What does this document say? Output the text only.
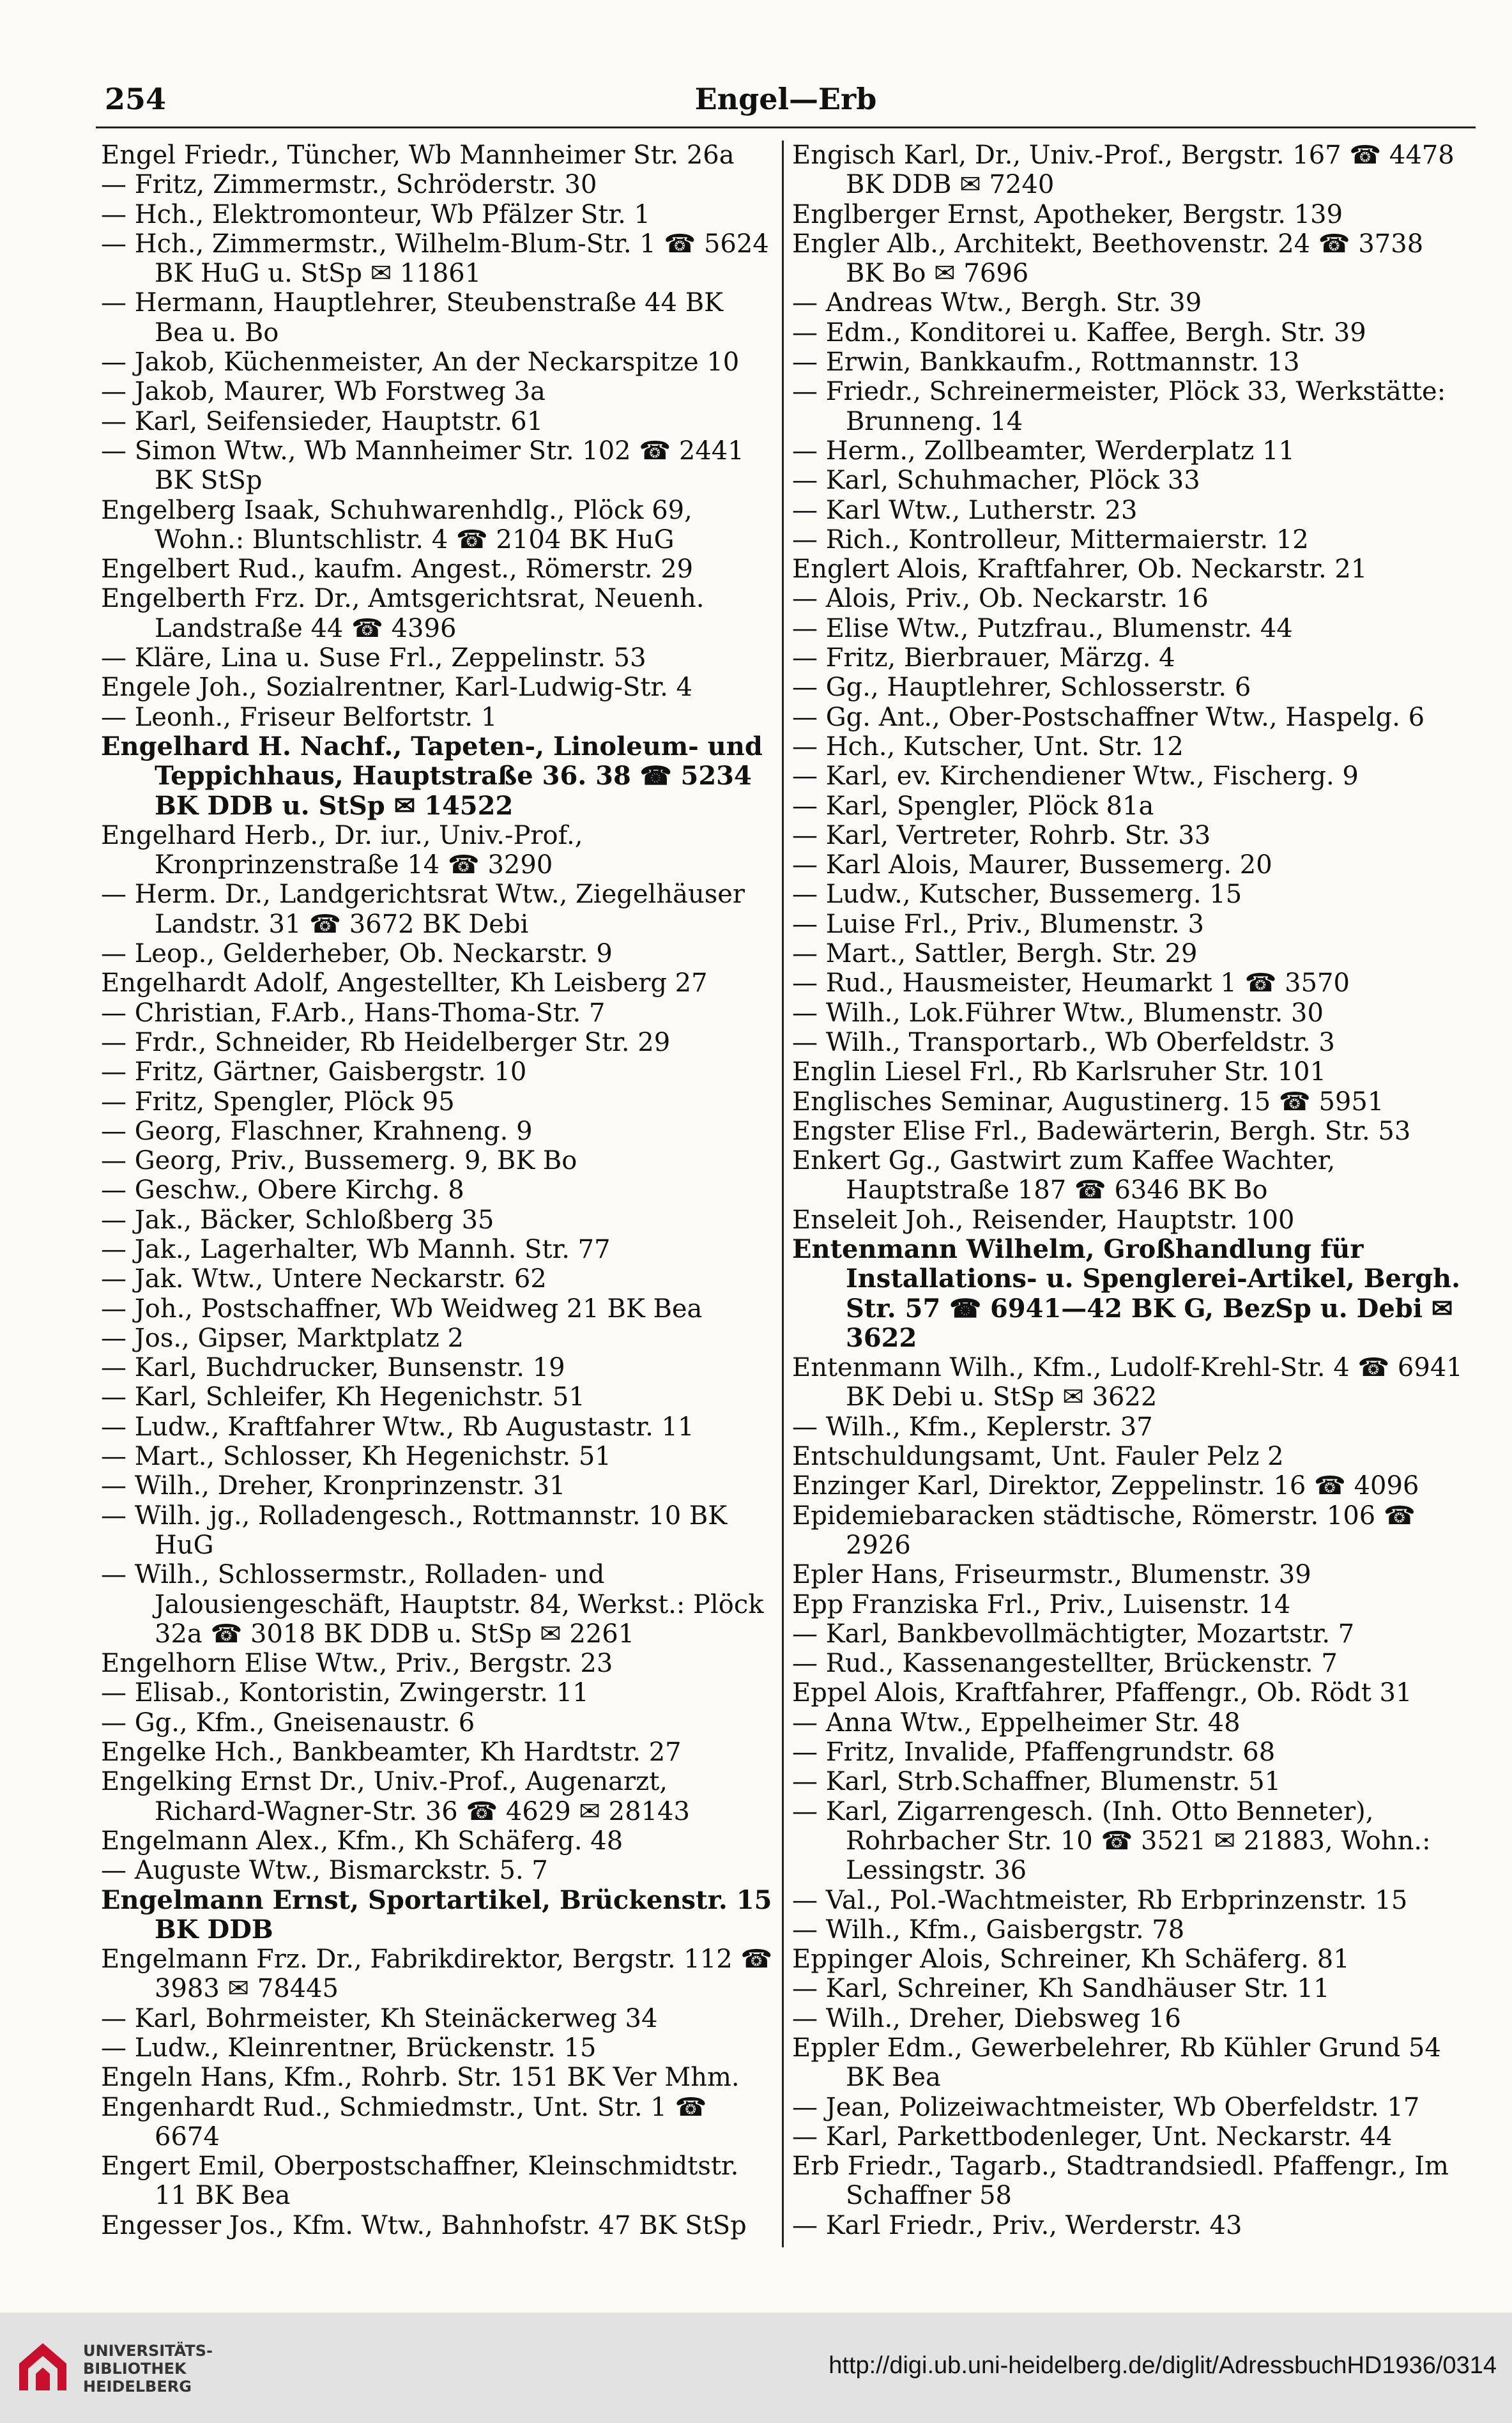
254	Engel—Erb

Engel Friedr., Tüncher, Wb Mannheimer Str. 26a

— Fritz, Zimmermstr., Schröderstr. 30

— Hch., Elektromonteur, Wb Pfälzer Str. 1

— Hch., Zimmermstr., Wilhelm-Blum-Str. 1 ☎ 5624 BK HuG u. StSp ✉ 11861

— Hermann, Hauptlehrer, Steubenstraße 44 BK Bea u. Bo

— Jakob, Küchenmeister, An der Neckarspitze 10

— Jakob, Maurer, Wb Forstweg 3a

— Karl, Seifensieder, Hauptstr. 61

— Simon Wtw., Wb Mannheimer Str. 102 ☎ 2441 BK StSp

Engelberg Isaak, Schuhwarenhdlg., Plöck 69, Wohn.: Bluntschlistr. 4 ☎ 2104 BK HuG

Engelbert Rud., kaufm. Angest., Römerstr. 29

Engelberth Frz. Dr., Amtsgerichtsrat, Neuenh. Landstraße 44 ☎ 4396

— Kläre, Lina u. Suse Frl., Zeppelinstr. 53

Engele Joh., Sozialrentner, Karl-Ludwig-Str. 4

— Leonh., Friseur Belfortstr. 1

Engelhard H. Nachf., Tapeten-, Linoleum- und Teppichhaus, Hauptstraße 36. 38 ☎ 5234 BK DDB u. StSp ✉ 14522

Engelhard Herb., Dr. iur., Univ.-Prof., Kronprinzenstraße 14 ☎ 3290

— Herm. Dr., Landgerichtsrat Wtw., Ziegelhäuser Landstr. 31 ☎ 3672 BK Debi

— Leop., Gelderheber, Ob. Neckarstr. 9

Engelhardt Adolf, Angestellter, Kh Leisberg 27

— Christian, F.Arb., Hans-Thoma-Str. 7

— Frdr., Schneider, Rb Heidelberger Str. 29

— Fritz, Gärtner, Gaisbergstr. 10

— Fritz, Spengler, Plöck 95

— Georg, Flaschner, Krahneng. 9

— Georg, Priv., Bussemerg. 9, BK Bo

— Geschw., Obere Kirchg. 8

— Jak., Bäcker, Schloßberg 35

— Jak., Lagerhalter, Wb Mannh. Str. 77

— Jak. Wtw., Untere Neckarstr. 62

— Joh., Postschaffner, Wb Weidweg 21 BK Bea

— Jos., Gipser, Marktplatz 2

— Karl, Buchdrucker, Bunsenstr. 19

— Karl, Schleifer, Kh Hegenichstr. 51

— Ludw., Kraftfahrer Wtw., Rb Augustastr. 11

— Mart., Schlosser, Kh Hegenichstr. 51

— Wilh., Dreher, Kronprinzenstr. 31

— Wilh. jg., Rolladengesch., Rottmannstr. 10 BK HuG

— Wilh., Schlossermstr., Rolladen- und Jalousiengeschäft, Hauptstr. 84, Werkst.: Plöck 32a ☎ 3018 BK DDB u. StSp ✉ 2261

Engelhorn Elise Wtw., Priv., Bergstr. 23

— Elisab., Kontoristin, Zwingerstr. 11

— Gg., Kfm., Gneisenaustr. 6

Engelke Hch., Bankbeamter, Kh Hardtstr. 27

Engelking Ernst Dr., Univ.-Prof., Augenarzt, Richard-Wagner-Str. 36 ☎ 4629 ✉ 28143

Engelmann Alex., Kfm., Kh Schäferg. 48

— Auguste Wtw., Bismarckstr. 5. 7

Engelmann Ernst, Sportartikel, Brückenstr. 15 BK DDB

Engelmann Frz. Dr., Fabrikdirektor, Bergstr. 112 ☎ 3983 ✉ 78445

— Karl, Bohrmeister, Kh Steinäckerweg 34

— Ludw., Kleinrentner, Brückenstr. 15

Engeln Hans, Kfm., Rohrb. Str. 151 BK Ver Mhm.

Engenhardt Rud., Schmiedmstr., Unt. Str. 1 ☎ 6674

Engert Emil, Oberpostschaffner, Kleinschmidtstr. 11 BK Bea

Engesser Jos., Kfm. Wtw., Bahnhofstr. 47 BK StSp

Engisch Karl, Dr., Univ.-Prof., Bergstr. 167 ☎ 4478 BK DDB ✉ 7240

Englberger Ernst, Apotheker, Bergstr. 139

Engler Alb., Architekt, Beethovenstr. 24 ☎ 3738 BK Bo ✉ 7696

— Andreas Wtw., Bergh. Str. 39

— Edm., Konditorei u. Kaffee, Bergh. Str. 39

— Erwin, Bankkaufm., Rottmannstr. 13

— Friedr., Schreinermeister, Plöck 33, Werkstätte: Brunneng. 14

— Herm., Zollbeamter, Werderplatz 11

— Karl, Schuhmacher, Plöck 33

— Karl Wtw., Lutherstr. 23

— Rich., Kontrolleur, Mittermaierstr. 12

Englert Alois, Kraftfahrer, Ob. Neckarstr. 21

— Alois, Priv., Ob. Neckarstr. 16

— Elise Wtw., Putzfrau., Blumenstr. 44

— Fritz, Bierbrauer, Märzg. 4

— Gg., Hauptlehrer, Schlosserstr. 6

— Gg. Ant., Ober-Postschaffner Wtw., Haspelg. 6

— Hch., Kutscher, Unt. Str. 12

— Karl, ev. Kirchendiener Wtw., Fischerg. 9

— Karl, Spengler, Plöck 81a

— Karl, Vertreter, Rohrb. Str. 33

— Karl Alois, Maurer, Bussemerg. 20

— Ludw., Kutscher, Bussemerg. 15

— Luise Frl., Priv., Blumenstr. 3

— Mart., Sattler, Bergh. Str. 29

— Rud., Hausmeister, Heumarkt 1 ☎ 3570

— Wilh., Lok.Führer Wtw., Blumenstr. 30

— Wilh., Transportarb., Wb Oberfeldstr. 3

Englin Liesel Frl., Rb Karlsruher Str. 101

Englisches Seminar, Augustinerg. 15 ☎ 5951

Engster Elise Frl., Badewärterin, Bergh. Str. 53

Enkert Gg., Gastwirt zum Kaffee Wachter, Hauptstraße 187 ☎ 6346 BK Bo

Enseleit Joh., Reisender, Hauptstr. 100

Entenmann Wilhelm, Großhandlung für Installations- u. Spenglerei-Artikel, Bergh. Str. 57 ☎ 6941—42 BK G, BezSp u. Debi ✉ 3622

Entenmann Wilh., Kfm., Ludolf-Krehl-Str. 4 ☎ 6941 BK Debi u. StSp ✉ 3622

— Wilh., Kfm., Keplerstr. 37

Entschuldungsamt, Unt. Fauler Pelz 2

Enzinger Karl, Direktor, Zeppelinstr. 16 ☎ 4096

Epidemiebaracken städtische, Römerstr. 106 ☎ 2926

Epler Hans, Friseurmstr., Blumenstr. 39

Epp Franziska Frl., Priv., Luisenstr. 14

— Karl, Bankbevollmächtigter, Mozartstr. 7

— Rud., Kassenangestellter, Brückenstr. 7

Eppel Alois, Kraftfahrer, Pfaffengr., Ob. Rödt 31

— Anna Wtw., Eppelheimer Str. 48

— Fritz, Invalide, Pfaffengrundstr. 68

— Karl, Strb.Schaffner, Blumenstr. 51

— Karl, Zigarrengesch. (Inh. Otto Benneter), Rohrbacher Str. 10 ☎ 3521 ✉ 21883, Wohn.: Lessingstr. 36

— Val., Pol.-Wachtmeister, Rb Erbprinzenstr. 15

— Wilh., Kfm., Gaisbergstr. 78

Eppinger Alois, Schreiner, Kh Schäferg. 81

— Karl, Schreiner, Kh Sandhäuser Str. 11

— Wilh., Dreher, Diebsweg 16

Eppler Edm., Gewerbelehrer, Rb Kühler Grund 54 BK Bea

— Jean, Polizeiwachtmeister, Wb Oberfeldstr. 17

— Karl, Parkettbodenleger, Unt. Neckarstr. 44

Erb Friedr., Tagarb., Stadtrandsiedl. Pfaffengr., Im Schaffner 58

— Karl Friedr., Priv., Werderstr. 43

UNIVERSITÄTS-
BIBLIOTHEK
HEIDELBERG
http://digi.ub.uni-heidelberg.de/diglit/AdressbuchHD1936/0314
